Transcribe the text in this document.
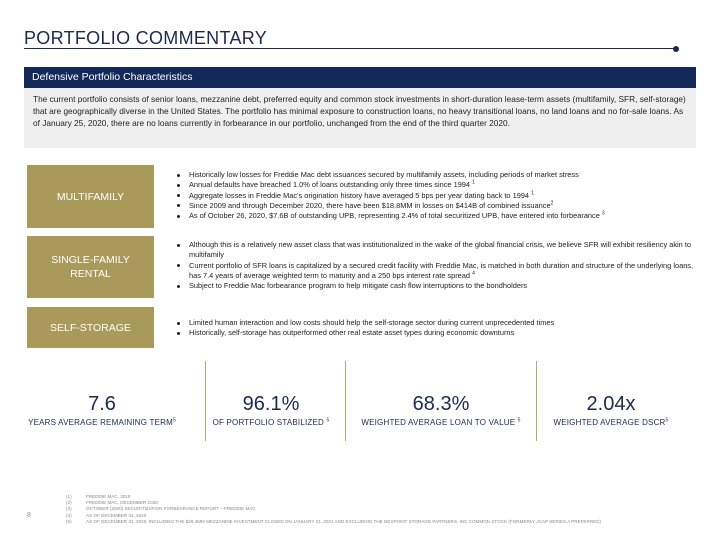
PORTFOLIO COMMENTARY
Defensive Portfolio Characteristics

The current portfolio consists of senior loans, mezzanine debt, preferred equity and common stock investments in short-duration lease-term assets (multifamily, SFR, self-storage) that are geographically diverse in the United States. The portfolio has minimal exposure to construction loans, no heavy transitional loans, no land loans and no for-sale loans. As of January 25, 2020, there are no loans currently in forbearance in our portfolio, unchanged from the end of the third quarter 2020.

MULTIFAMILY
Historically low losses for Freddie Mac debt issuances secured by multifamily assets, including periods of market stress
Annual defaults have breached 1.0% of loans outstanding only three times since 1994 $^1$
Aggregate losses in Freddie Mac’s origination history have averaged 5 bps per year dating back to 1994 $^1$
Since 2009 and through December 2020, there have been $18.8MM in losses on $414B of combined issuance$^2$
As of October 26, 2020, $7.6B of outstanding UPB, representing 2.4% of total securitized UPB, have entered into forbearance $^3$
SINGLE-FAMILY
RENTAL
Although this is a relatively new asset class that was institutionalized in the wake of the global financial crisis, we believe SFR will exhibit resiliency akin to multifamily
Current portfolio of SFR loans is capitalized by a secured credit facility with Freddie Mac, is matched in both duration and structure of the underlying loans, has 7.4 years of average weighted term to maturity and a 250 bps interest rate spread $^4$
Subject to Freddie Mac forbearance program to help mitigate cash flow interruptions to the bondholders
SELF-STORAGE	Limited human interaction and low costs should help the self-storage sector during current unprecedented times
Historically, self-storage has outperformed other real estate asset types during economic downturns
7.6
YEARS AVERAGE REMAINING TERM$^5$
96.1%
OF PORTFOLIO STABILIZED $^5$
68.3%
WEIGHTED AVERAGE LOAN TO VALUE $^5$
2.04x
WEIGHTED AVERAGE DSCR$^5$
8
(1)	FREDDIE MAC, 2019
(2)	FREDDIE MAC, DECEMBER 2020
(3)	OCTOBER (2020) SECURITIZATION FORBEARANCE REPORT – FREDDIE MAC
(4)	AS OF DECEMBER 31, 2020
(5)	AS OF DECEMBER 31, 2020, INCLUDING THE $26.4MM MEZZANINE INVESTMENT CLOSED ON JANUARY 21, 2021 AND EXCLUDING THE NEXPOINT STORAGE PARTNERS, INC COMMON STOCK (FORMERLY JCAP SERIES A PREFERRED)
